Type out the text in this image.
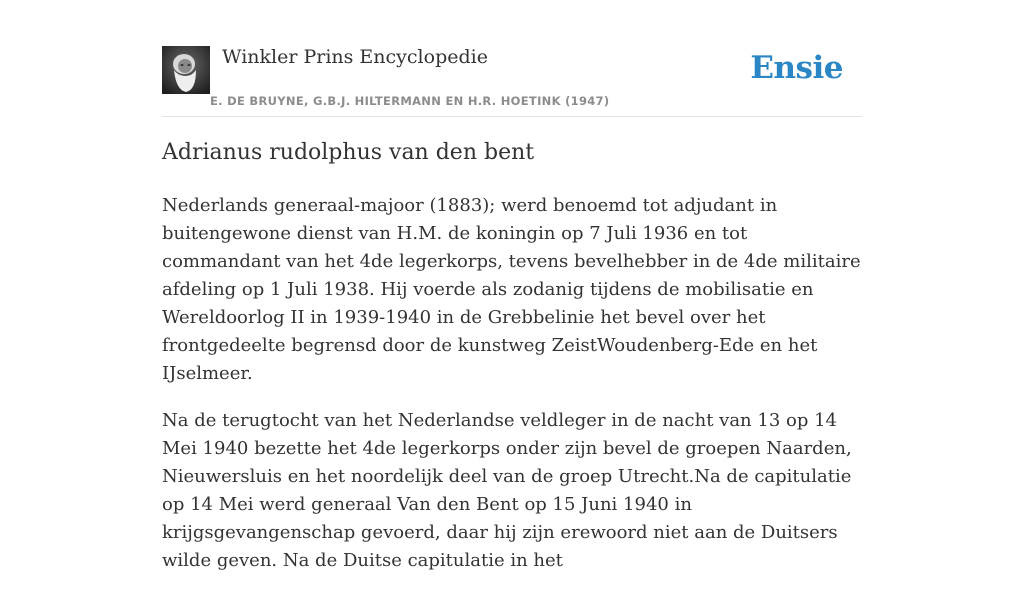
Winkler Prins Encyclopedie
E. DE BRUYNE, G.B.J. HILTERMANN EN H.R. HOETINK (1947)
Ensie
Adrianus rudolphus van den bent

Nederlands generaal-majoor (1883); werd benoemd tot adjudant in buitengewone dienst van H.M. de koningin op 7 Juli 1936 en tot commandant van het 4de legerkorps, tevens bevelhebber in de 4de militaire afdeling op 1 Juli 1938. Hij voerde als zodanig tijdens de mobilisatie en Wereldoorlog II in 1939-1940 in de Grebbelinie het bevel over het frontgedeelte begrensd door de kunstweg ZeistWoudenberg-Ede en het IJselmeer.

Na de terugtocht van het Nederlandse veldleger in de nacht van 13 op 14 Mei 1940 bezette het 4de legerkorps onder zijn bevel de groepen Naarden, Nieuwersluis en het noordelijk deel van de groep Utrecht.Na de capitulatie op 14 Mei werd generaal Van den Bent op 15 Juni 1940 in krijgsgevangenschap gevoerd, daar hij zijn erewoord niet aan de Duitsers wilde geven. Na de Duitse capitulatie in het
